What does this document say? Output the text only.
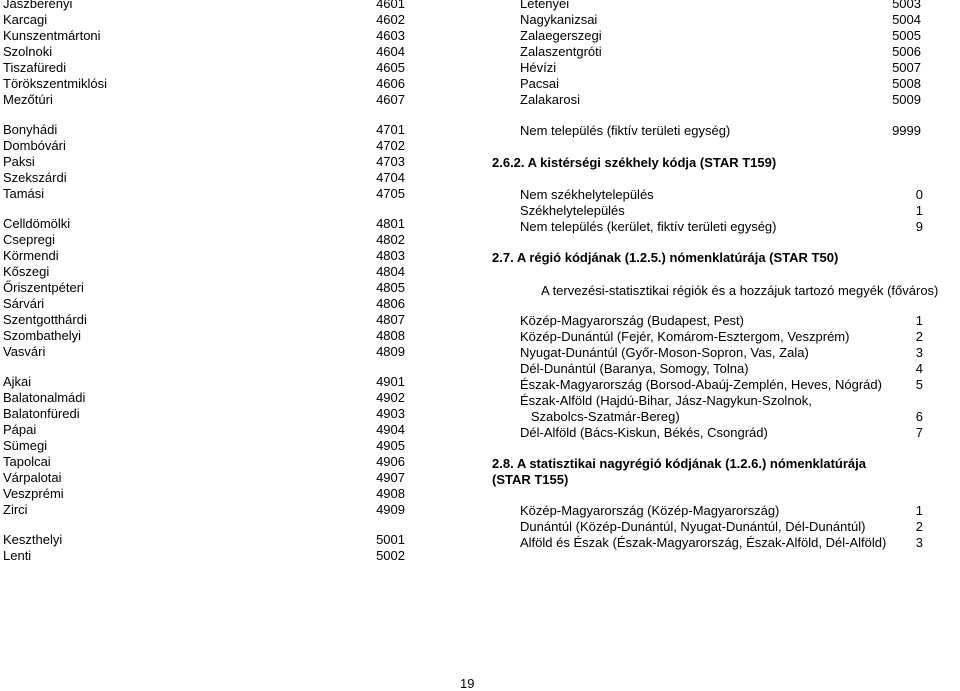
Jászberényi	4601
Karcagi	4602
Kunszentmártoni	4603
Szolnoki	4604
Tiszafüredi	4605
Törökszentmiklósi	4606
Mezőtúri	4607
Bonyhádi	4701
Dombóvári	4702
Paksi	4703
Szekszárdi	4704
Tamási	4705
Celldömölki	4801
Csepregi	4802
Körmendi	4803
Kőszegi	4804
Őriszentpéteri	4805
Sárvári	4806
Szentgotthárdi	4807
Szombathelyi	4808
Vasvári	4809
Ajkai	4901
Balatonalmádi	4902
Balatonfüredi	4903
Pápai	4904
Sümegi	4905
Tapolcai	4906
Várpalotai	4907
Veszprémi	4908
Zirci	4909
Keszthelyi	5001
Lenti	5002
Letenyei	5003
Nagykanizsai	5004
Zalaegerszegi	5005
Zalaszentgróti	5006
Hévízi	5007
Pacsai	5008
Zalakarosi	5009
Nem település (fiktív területi egység)	9999
2.6.2. A kistérségi székhely kódja (STAR T159)
Nem székhelytelepülés	0
Székhelytelepülés	1
Nem település (kerület, fiktív területi egység)	9
2.7. A régió kódjának (1.2.5.) nómenklatúrája (STAR T50)
A tervezési-statisztikai régiók és a hozzájuk tartozó megyék (főváros)
Közép-Magyarország (Budapest, Pest)	1
Közép-Dunántúl (Fejér, Komárom-Esztergom, Veszprém)	2
Nyugat-Dunántúl (Győr-Moson-Sopron, Vas, Zala)	3
Dél-Dunántúl (Baranya, Somogy, Tolna)	4
Észak-Magyarország (Borsod-Abaúj-Zemplén, Heves, Nógrád)	5
Észak-Alföld (Hajdú-Bihar, Jász-Nagykun-Szolnok,
Szabolcs-Szatmár-Bereg)	6
Dél-Alföld (Bács-Kiskun, Békés, Csongrád)	7
2.8. A statisztikai nagyrégió kódjának (1.2.6.) nómenklatúrája
(STAR T155)
Közép-Magyarország (Közép-Magyarország)	1
Dunántúl (Közép-Dunántúl, Nyugat-Dunántúl, Dél-Dunántúl)	2
Alföld és Észak (Észak-Magyarország, Észak-Alföld, Dél-Alföld) 3
19
